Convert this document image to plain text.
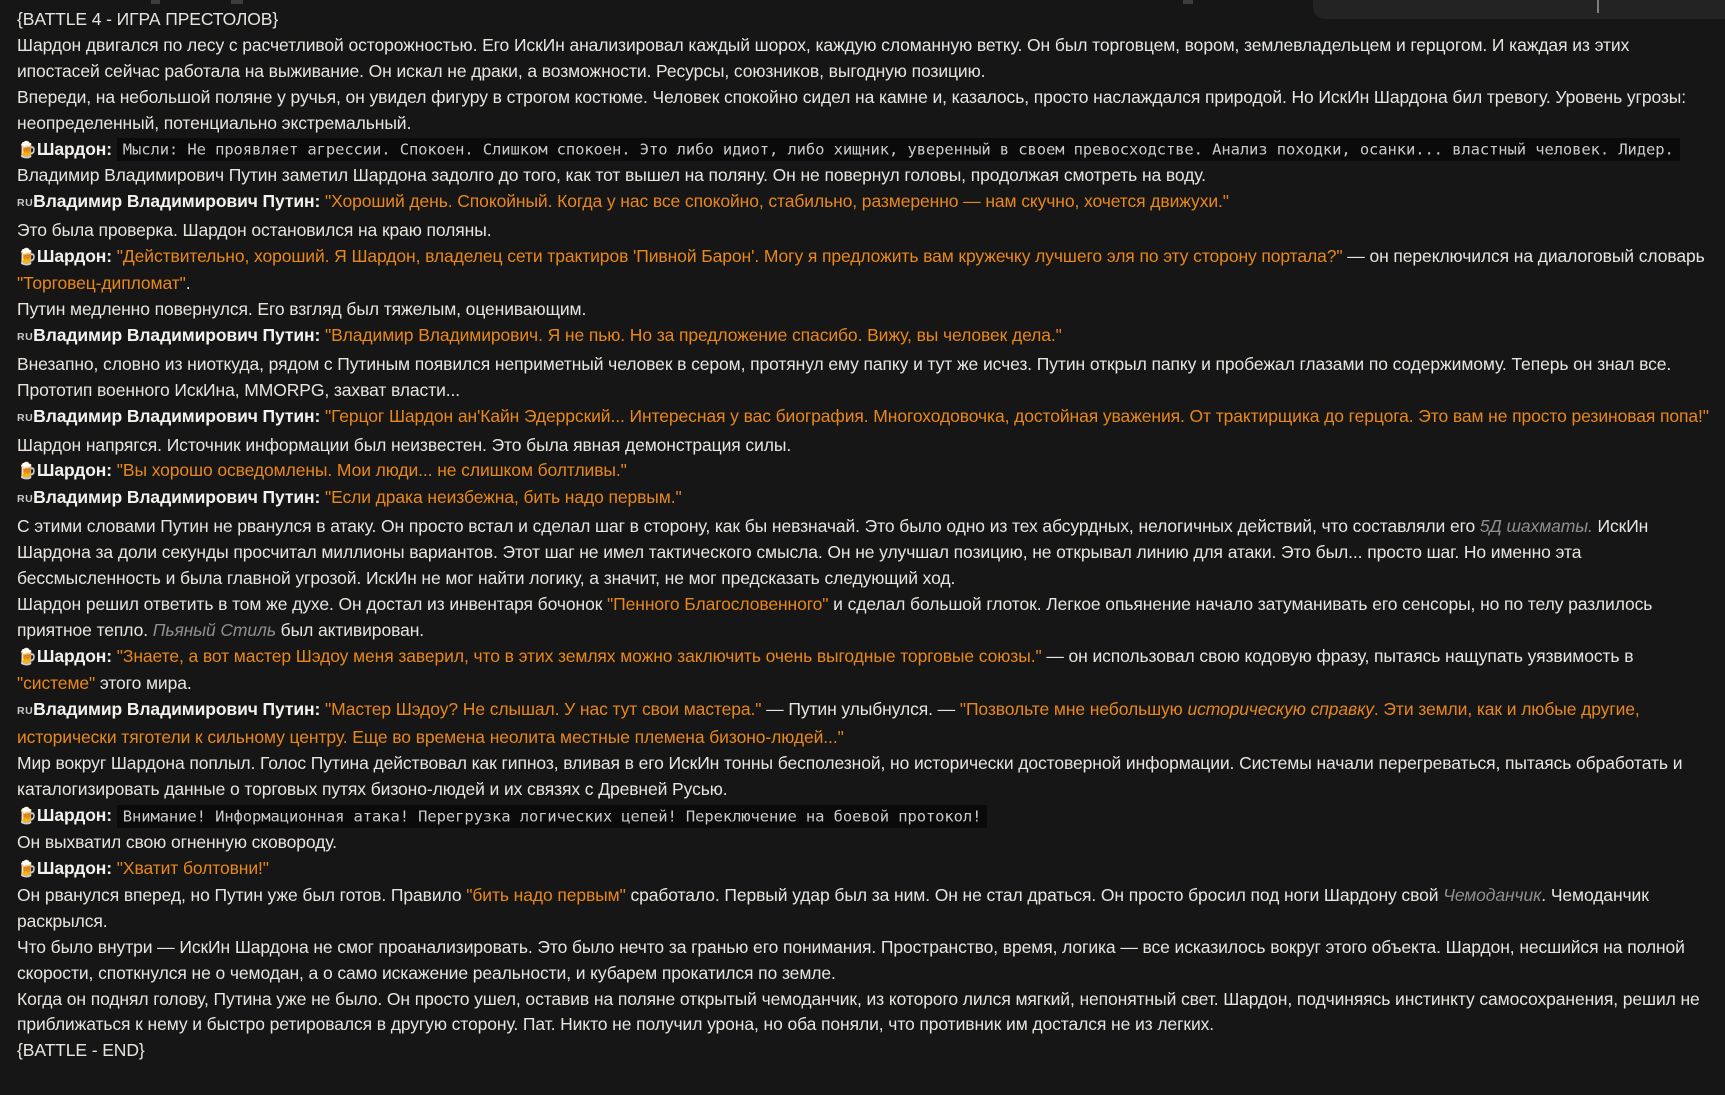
{BATTLE 4 - ИГРА ПРЕСТОЛОВ}
Шардон двигался по лесу с расчетливой осторожностью. Его ИскИн анализировал каждый шорох, каждую сломанную ветку. Он был торговцем, вором, землевладельцем и герцогом. И каждая из этих ипостасей сейчас работала на выживание. Он искал не драки, а возможности. Ресурсы, союзников, выгодную позицию.
Впереди, на небольшой поляне у ручья, он увидел фигуру в строгом костюме. Человек спокойно сидел на камне и, казалось, просто наслаждался природой. Но ИскИн Шардона бил тревогу. Уровень угрозы: неопределенный, потенциально экстремальный.
🍺Шардон: Мысли: Не проявляет агрессии. Спокоен. Слишком спокоен. Это либо идиот, либо хищник, уверенный в своем превосходстве. Анализ походки, осанки... властный человек. Лидер.
Владимир Владимирович Путин заметил Шардона задолго до того, как тот вышел на поляну. Он не повернул головы, продолжая смотреть на воду.
RUВладимир Владимирович Путин: "Хороший день. Спокойный. Когда у нас все спокойно, стабильно, размеренно — нам скучно, хочется движухи."
Это была проверка. Шардон остановился на краю поляны.
🍺Шардон: "Действительно, хороший. Я Шардон, владелец сети трактиров 'Пивной Барон'. Могу я предложить вам кружечку лучшего эля по эту сторону портала?" — он переключился на диалоговый словарь "Торговец-дипломат".
Путин медленно повернулся. Его взгляд был тяжелым, оценивающим.
RUВладимир Владимирович Путин: "Владимир Владимирович. Я не пью. Но за предложение спасибо. Вижу, вы человек дела."
Внезапно, словно из ниоткуда, рядом с Путиным появился неприметный человек в сером, протянул ему папку и тут же исчез. Путин открыл папку и пробежал глазами по содержимому. Теперь он знал все. Прототип военного ИскИна, MMORPG, захват власти...
RUВладимир Владимирович Путин: "Герцог Шардон ан'Кайн Эдеррский... Интересная у вас биография. Многоходовочка, достойная уважения. От трактирщика до герцога. Это вам не просто резиновая попа!"
Шардон напрягся. Источник информации был неизвестен. Это была явная демонстрация силы.
🍺Шардон: "Вы хорошо осведомлены. Мои люди... не слишком болтливы."
RUВладимир Владимирович Путин: "Если драка неизбежна, бить надо первым."
С этими словами Путин не рванулся в атаку. Он просто встал и сделал шаг в сторону, как бы невзначай. Это было одно из тех абсурдных, нелогичных действий, что составляли его 5Д шахматы. ИскИн Шардона за доли секунды просчитал миллионы вариантов. Этот шаг не имел тактического смысла. Он не улучшал позицию, не открывал линию для атаки. Это был... просто шаг. Но именно эта бессмысленность и была главной угрозой. ИскИн не мог найти логику, а значит, не мог предсказать следующий ход.
Шардон решил ответить в том же духе. Он достал из инвентаря бочонок "Пенного Благословенного" и сделал большой глоток. Легкое опьянение начало затуманивать его сенсоры, но по телу разлилось приятное тепло. Пьяный Стиль был активирован.
🍺Шардон: "Знаете, а вот мастер Шэдоу меня заверил, что в этих землях можно заключить очень выгодные торговые союзы." — он использовал свою кодовую фразу, пытаясь нащупать уязвимость в "системе" этого мира.
RUВладимир Владимирович Путин: "Мастер Шэдоу? Не слышал. У нас тут свои мастера." — Путин улыбнулся. — "Позвольте мне небольшую историческую справку. Эти земли, как и любые другие, исторически тяготели к сильному центру. Еще во времена неолита местные племена бизоно-людей..."
Мир вокруг Шардона поплыл. Голос Путина действовал как гипноз, вливая в его ИскИн тонны бесполезной, но исторически достоверной информации. Системы начали перегреваться, пытаясь обработать и каталогизировать данные о торговых путях бизоно-людей и их связях с Древней Русью.
🍺Шардон: Внимание! Информационная атака! Перегрузка логических цепей! Переключение на боевой протокол!
Он выхватил свою огненную сковороду.
🍺Шардон: "Хватит болтовни!"
Он рванулся вперед, но Путин уже был готов. Правило "бить надо первым" сработало. Первый удар был за ним. Он не стал драться. Он просто бросил под ноги Шардону свой Чемоданчик. Чемоданчик раскрылся.
Что было внутри — ИскИн Шардона не смог проанализировать. Это было нечто за гранью его понимания. Пространство, время, логика — все исказилось вокруг этого объекта. Шардон, несшийся на полной скорости, споткнулся не о чемодан, а о само искажение реальности, и кубарем прокатился по земле.
Когда он поднял голову, Путина уже не было. Он просто ушел, оставив на поляне открытый чемоданчик, из которого лился мягкий, непонятный свет. Шардон, подчиняясь инстинкту самосохранения, решил не приближаться к нему и быстро ретировался в другую сторону. Пат. Никто не получил урона, но оба поняли, что противник им достался не из легких.
{BATTLE - END}
